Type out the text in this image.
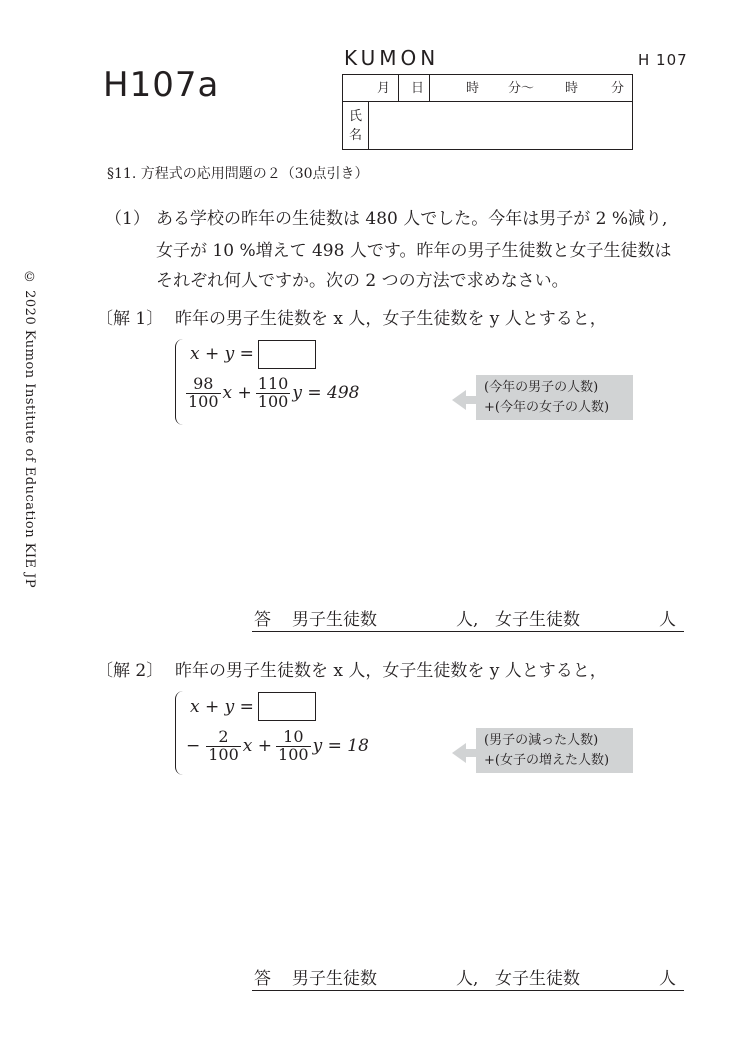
H107a
KUMON	H 107
月 日	時 分～ 時	分
氏
名
© 2020 Kumon Institute of Education KIE JP
§11. 方程式の応用問題の２（30点引き）
（1） ある学校の昨年の生徒数は 480 人でした。今年は男子が 2 %減り,
女子が 10 %増えて 498 人です。昨年の男子生徒数と女子生徒数は
それぞれ何人ですか。次の 2 つの方法で求めなさい。
〔解 1〕 昨年の男子生徒数を x 人，女子生徒数を y 人とすると，
x + y =
$\frac{98}{100}$ $x + \frac{110}{100}$ y = 498	(今年の男子の人数)
+(今年の女子の人数)
答 男子生徒数	人, 女子生徒数	人
〔解 2〕 昨年の男子生徒数を x 人，女子生徒数を y 人とすると，
x + y =
− $\frac{2}{100}$ $x + \frac{10}{100}$ y = 18	(男子の減った人数)
+(女子の増えた人数)
答 男子生徒数	人, 女子生徒数	人
